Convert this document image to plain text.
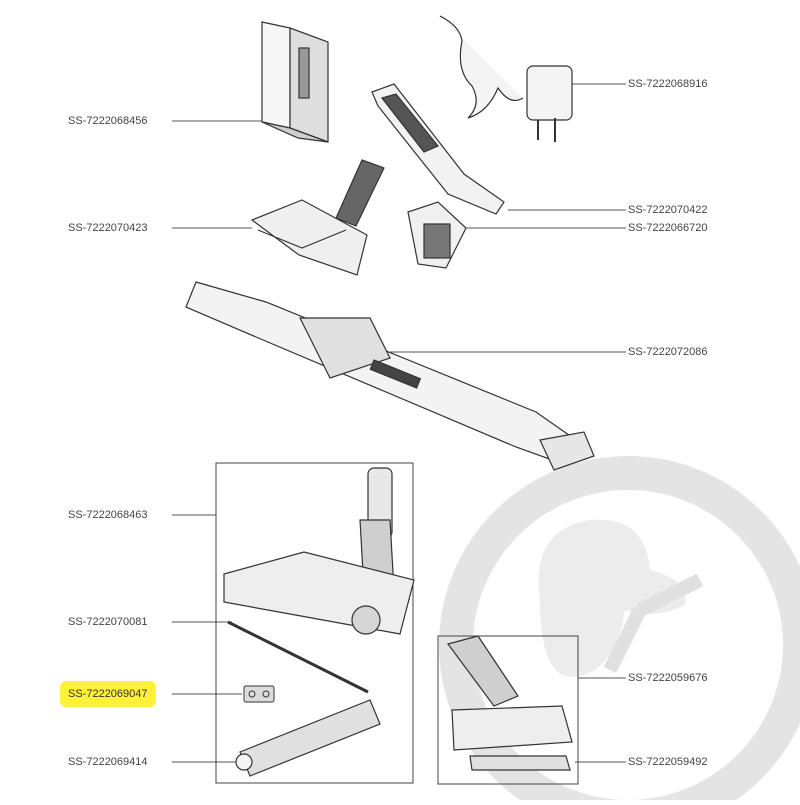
SS-7222068456
SS-7222068916
SS-7222070422
SS-7222070423	SS-7222066720
SS-7222072086
SS-7222068463
SS-7222070081
SS-7222069047
SS-7222059676
SS-7222069414	SS-7222059492
